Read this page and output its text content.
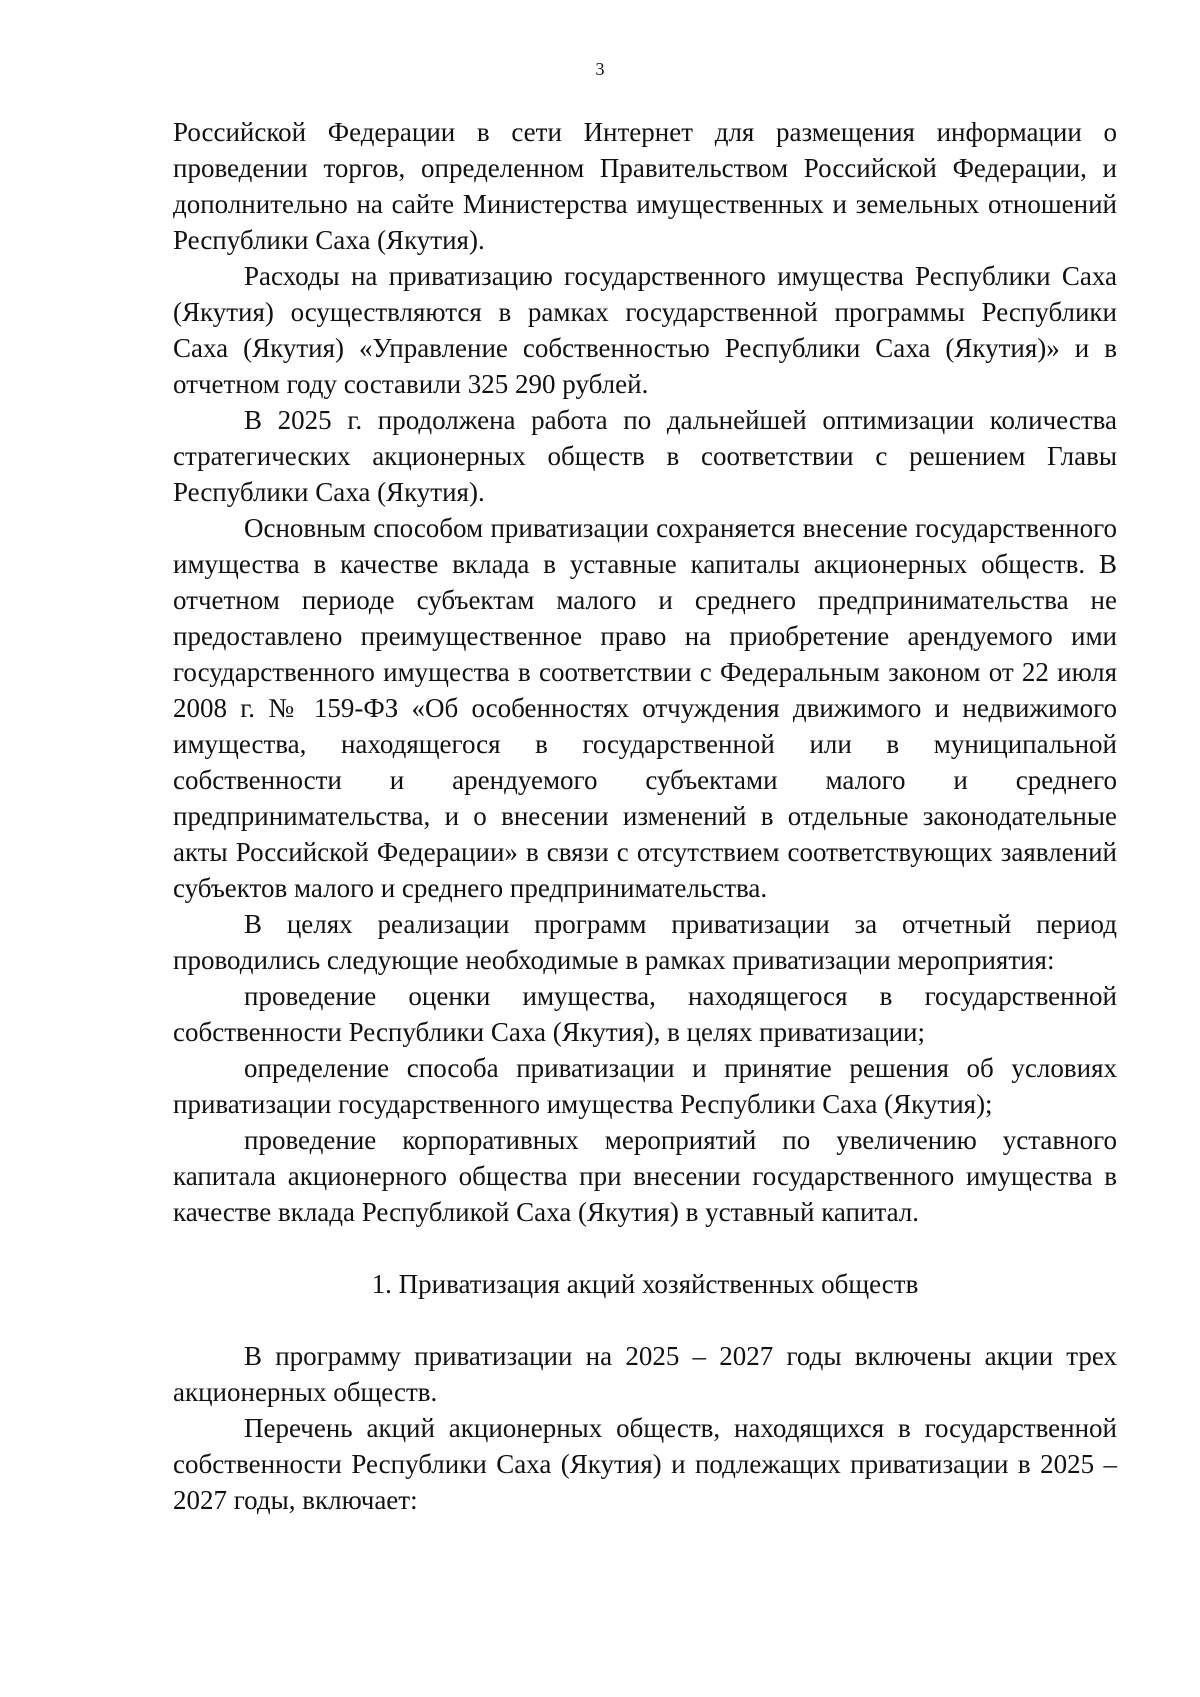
3

Российской Федерации в сети Интернет для размещения информации о проведении торгов, определенном Правительством Российской Федерации, и дополнительно на сайте Министерства имущественных и земельных отношений Республики Саха (Якутия).

Расходы на приватизацию государственного имущества Республики Саха (Якутия) осуществляются в рамках государственной программы Республики Саха (Якутия) «Управление собственностью Республики Саха (Якутия)» и в отчетном году составили 325 290 рублей.

В 2025 г. продолжена работа по дальнейшей оптимизации количества стратегических акционерных обществ в соответствии с решением Главы Республики Саха (Якутия).

Основным способом приватизации сохраняется внесение государственного имущества в качестве вклада в уставные капиталы акционерных обществ. В отчетном периоде субъектам малого и среднего предпринимательства не предоставлено преимущественное право на приобретение арендуемого ими государственного имущества в соответствии с Федеральным законом от 22 июля 2008 г. № 159-ФЗ «Об особенностях отчуждения движимого и недвижимого имущества, находящегося в государственной или в муниципальной собственности и арендуемого субъектами малого и среднего предпринимательства, и о внесении изменений в отдельные законодательные акты Российской Федерации» в связи с отсутствием соответствующих заявлений субъектов малого и среднего предпринимательства.

В целях реализации программ приватизации за отчетный период проводились следующие необходимые в рамках приватизации мероприятия:

проведение оценки имущества, находящегося в государственной собственности Республики Саха (Якутия), в целях приватизации;

определение способа приватизации и принятие решения об условиях приватизации государственного имущества Республики Саха (Якутия);

проведение корпоративных мероприятий по увеличению уставного капитала акционерного общества при внесении государственного имущества в качестве вклада Республикой Саха (Якутия) в уставный капитал.

1. Приватизация акций хозяйственных обществ

В программу приватизации на 2025 – 2027 годы включены акции трех акционерных обществ.

Перечень акций акционерных обществ, находящихся в государственной собственности Республики Саха (Якутия) и подлежащих приватизации в 2025 – 2027 годы, включает:
